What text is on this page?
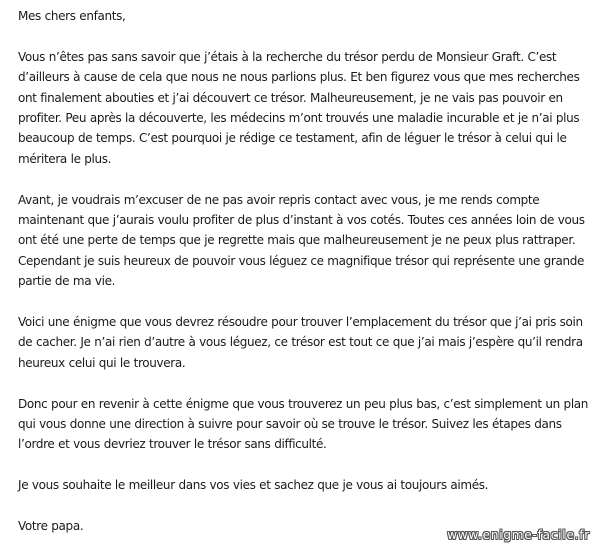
Mes chers enfants,

Vous n’êtes pas sans savoir que j’étais à la recherche du trésor perdu de Monsieur Graft. C’est d’ailleurs à cause de cela que nous ne nous parlions plus. Et ben figurez vous que mes recherches ont finalement abouties et j’ai découvert ce trésor. Malheureusement, je ne vais pas pouvoir en profiter. Peu après la découverte, les médecins m’ont trouvés une maladie incurable et je n’ai plus beaucoup de temps. C’est pourquoi je rédige ce testament, afin de léguer le trésor à celui qui le méritera le plus.

Avant, je voudrais m’excuser de ne pas avoir repris contact avec vous, je me rends compte maintenant que j’aurais voulu profiter de plus d’instant à vos cotés. Toutes ces années loin de vous ont été une perte de temps que je regrette mais que malheureusement je ne peux plus rattraper. Cependant je suis heureux de pouvoir vous léguez ce magnifique trésor qui représente une grande partie de ma vie.

Voici une énigme que vous devrez résoudre pour trouver l’emplacement du trésor que j’ai pris soin de cacher. Je n’ai rien d’autre à vous léguez, ce trésor est tout ce que j’ai mais j’espère qu’il rendra heureux celui qui le trouvera.

Donc pour en revenir à cette énigme que vous trouverez un peu plus bas, c’est simplement un plan qui vous donne une direction à suivre pour savoir où se trouve le trésor. Suivez les étapes dans l’ordre et vous devriez trouver le trésor sans difficulté.

Je vous souhaite le meilleur dans vos vies et sachez que je vous ai toujours aimés.

Votre papa.

www.enigme-facile.fr
